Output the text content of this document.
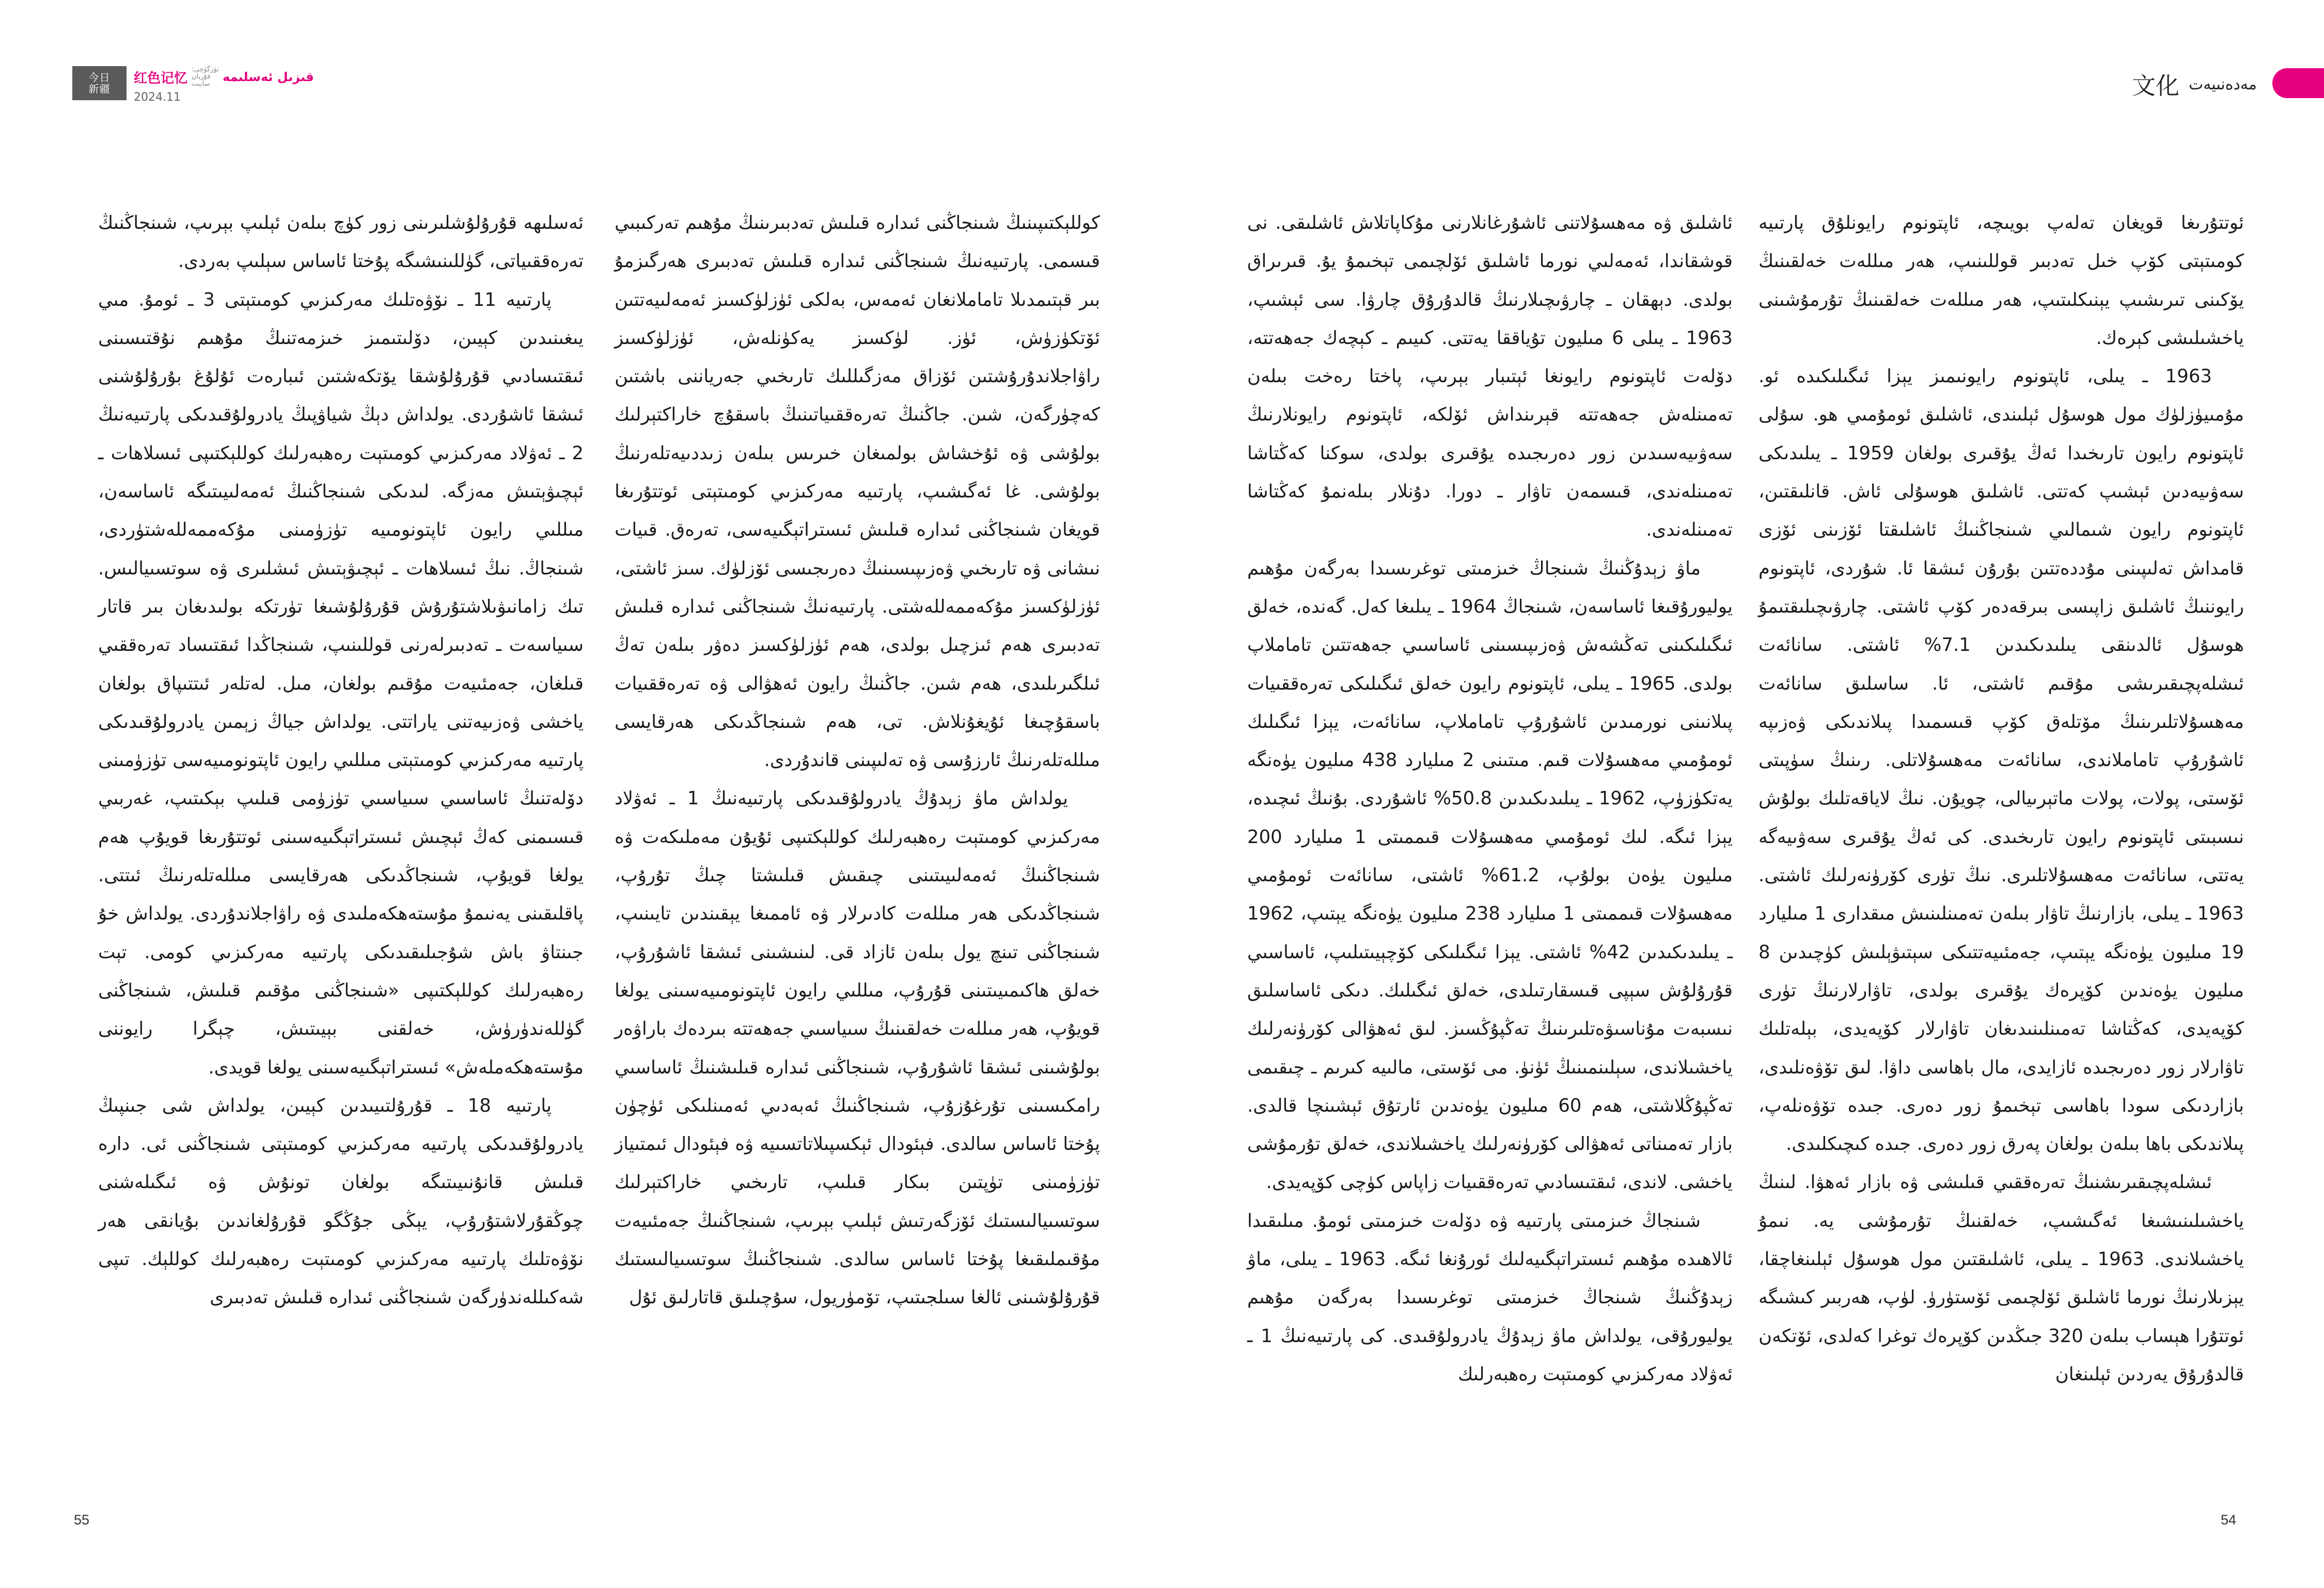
今日
新疆
红色记忆
تۈزگۈچى: قۇربان سايىت	قىزىل ئەسلىمە
2024.11

ئەسلىھە قۇرۇلۇشلىرىنى زور كۈچ بىلەن ئېلىپ بېرىپ، شىنجاڭنىڭ تەرەققىياتى، گۈللىنىشىگە پۇختا ئاساس سېلىپ بەردى.

پارتىيە 11 ـ نۆۋەتلىك مەركىزىي كومىتېتى 3 ـ ئومۇ. مىي يىغىنىدىن كېيىن، دۆلىتىمىز خىزمەتنىڭ مۇھىم نۇقتىسىنى ئىقتىسادىي قۇرۇلۇشقا يۆتكەشتىن ئىبارەت ئۇلۇغ بۇرۇلۇشنى ئىشقا ئاشۇردى. يولداش دېڭ شياۋپىڭ يادرولۇقىدىكى پارتىيەنىڭ 2 ـ ئەۋلاد مەركىزىي كومىتېت رەھبەرلىك كوللېكتىپى ئىسلاھات ـ ئېچىۋېتىش مەزگە. لىدىكى شىنجاڭنىڭ ئەمەلىيىتىگە ئاساسەن، مىللىي رايون ئاپتونومىيە تۈزۈمىنى مۇكەممەللەشتۈردى، شىنجاڭ. نىڭ ئىسلاھات ـ ئېچىۋېتىش ئىشلىرى ۋە سوتسىيالىس. تىك زامانىۋىلاشتۇرۇش قۇرۇلۇشىغا تۈرتكە بولىدىغان بىر قاتار سىياسەت ـ تەدبىرلەرنى قوللىنىپ، شىنجاڭدا ئىقتىساد تەرەققىي قىلغان، جەمئىيەت مۇقىم بولغان، مىل. لەتلەر ئىتتىپاق بولغان ياخشى ۋەزىيەتنى ياراتتى. يولداش جياڭ زېمىن يادرولۇقىدىكى پارتىيە مەركىزىي كومىتېتى مىللىي رايون ئاپتونومىيەسى تۈزۈمىنى دۆلەتنىڭ ئاساسىي سىياسىي تۈزۈمى قىلىپ بېكىتىپ، غەربىي قىسىمنى كەڭ ئېچىش ئىستراتېگىيەسىنى ئوتتۇرىغا قويۇپ ھەم يولغا قويۇپ، شىنجاڭدىكى ھەرقايسى مىللەتلەرنىڭ ئىتتى. پاقلىقىنى يەنىمۇ مۇستەھكەملىدى ۋە راۋاجلاندۇردى. يولداش خۇ جىنتاۋ باش شۇجىلىقىدىكى پارتىيە مەركىزىي كومى. تېت رەھبەرلىك كوللېكتىپى «شىنجاڭنى مۇقىم قىلىش، شىنجاڭنى گۈللەندۈرۈش، خەلقنى بېيىتىش، چېگرا رايوننى مۇستەھكەملەش» ئىستراتېگىيەسىنى يولغا قويدى.

پارتىيە 18 ـ قۇرۇلتىيىدىن كېيىن، يولداش شى جىنپىڭ يادرولۇقىدىكى پارتىيە مەركىزىي كومىتېتى شىنجاڭنى ئى. دارە قىلىش قانۇنىيىتىگە بولغان تونۇش ۋە ئىگىلەشنى چوڭقۇرلاشتۇرۇپ، يېڭى جۇڭگو قۇرۇلغاندىن بۇيانقى ھەر نۆۋەتلىك پارتىيە مەركىزىي كومىتېت رەھبەرلىك كوللېك. تىپى شەكىللەندۈرگەن شىنجاڭنى ئىدارە قىلىش تەدبىرى

كوللېكتىپىنىڭ شىنجاڭنى ئىدارە قىلىش تەدبىرىنىڭ مۇھىم تەركىبىي قىسمى. پارتىيەنىڭ شىنجاڭنى ئىدارە قىلىش تەدبىرى ھەرگىزمۇ بىر قېتىمدىلا تاماملانغان ئەمەس، بەلكى ئۈزلۈكسىز ئەمەلىيەتتىن ئۆتكۈزۈش، ئۈز. لۈكسىز يەكۈنلەش، ئۈزلۈكسىز راۋاجلاندۇرۇشتىن ئۆزاق مەزگىللىك تارىخىي جەرياننى باشتىن كەچۈرگەن، شىن. جاڭنىڭ تەرەققىياتىنىڭ باسقۇچ خاراكتېرلىك بولۇشى ۋە ئۇخشاش بولمىغان خىرىس بىلەن زىددىيەتلەرنىڭ بولۇشى. غا ئەگىشىپ، پارتىيە مەركىزىي كومىتېتى ئوتتۇرىغا قويغان شىنجاڭنى ئىدارە قىلىش ئىستراتېگىيەسى، تەرەق. قىيات نىشانى ۋە تارىخىي ۋەزىپىسىنىڭ دەرىجىسى ئۆزلۈك. سىز ئاشتى، ئۈزلۈكسىز مۇكەممەللەشتى. پارتىيەنىڭ شىنجاڭنى ئىدارە قىلىش تەدبىرى ھەم ئىزچىل بولدى، ھەم ئۈزلۈكسىز دەۋر بىلەن تەڭ ئىلگىرىلىدى، ھەم شىن. جاڭنىڭ رايون ئەھۋالى ۋە تەرەققىيات باسقۇچىغا ئۇيغۇنلاش. تى، ھەم شىنجاڭدىكى ھەرقايسى مىللەتلەرنىڭ ئارزۇسى ۋە تەلىپىنى قاندۇردى.

يولداش ماۋ زېدۇڭ يادرولۇقىدىكى پارتىيەنىڭ 1 ـ ئەۋلاد مەركىزىي كومىتېت رەھبەرلىك كوللېكتىپى ئۇيۇن مەملىكەت ۋە شىنجاڭنىڭ ئەمەلىيىتىنى چىقىش قىلىشتا چىڭ تۇرۇپ، شىنجاڭدىكى ھەر مىللەت كادىرلار ۋە ئاممىغا يېقىندىن تايىنىپ، شىنجاڭنى تىنچ يول بىلەن ئازاد قى. لىنىشىنى ئىشقا ئاشۇرۇپ، خەلق ھاكىمىيىتىنى قۇرۇپ، مىللىي رايون ئاپتونومىيەسىنى يولغا قويۇپ، ھەر مىللەت خەلقىنىڭ سىياسىي جەھەتتە بىردەك باراۋەر بولۇشىنى ئىشقا ئاشۇرۇپ، شىنجاڭنى ئىدارە قىلىشنىڭ ئاساسىي رامكىسىنى تۇرغۇزۇپ، شىنجاڭنىڭ ئەبەدىي ئەمىنلىكى ئۈچۈن پۇختا ئاساس سالدى. فېئودال ئېكسپىلاتاتسىيە ۋە فېئودال ئىمتىياز تۈزۈمىنى تۈپتىن بىكار قىلىپ، تارىخىي خاراكتېرلىك سوتسىيالىستىك ئۆزگەرتىش ئېلىپ بېرىپ، شىنجاڭنىڭ جەمئىيەت مۇقىملىقىغا پۇختا ئاساس سالدى. شىنجاڭنىڭ سوتسىيالىستىك قۇرۇلۇشىنى ئالغا سىلجىتىپ، تۆمۈريول، سۇچىلىق قاتارلىق ئۇل

55
文化 مەدەنىيەت

ئاشلىق ۋە مەھسۇلاتنى ئاشۇرغانلارنى مۇكاپاتلاش ئاشلىقى. نى قوشقاندا، ئەمەلىي نورما ئاشلىق ئۆلچىمى تېخىمۇ يۇ. قىرىراق بولدى. دېھقان ـ چارۋىچىلارنىڭ قالدۇرۇق چارۋا. سى ئېشىپ، 1963 ـ يىلى 6 مىليون تۇياققا يەتتى. كىيىم ـ كېچەك جەھەتتە، دۆلەت ئاپتونوم رايونغا ئېتىبار بېرىپ، پاختا رەخت بىلەن تەمىنلەش جەھەتتە قېرىنداش ئۆلكە، ئاپتونوم رايونلارنىڭ سەۋىيەسىدىن زور دەرىجىدە يۇقىرى بولدى، سوكنا كەڭتاشا تەمىنلەندى، قىسمەن تاۋار ـ دورا. دۇنلار بىلەنمۇ كەڭتاشا تەمىنلەندى.

ماۋ زېدۇڭنىڭ شىنجاڭ خىزمىتى توغرىسىدا بەرگەن مۇھىم يوليورۇقىغا ئاساسەن، شىنجاڭ 1964 ـ يىلىغا كەل. گەندە، خەلق ئىگىلىكىنى تەڭشەش ۋەزىپىسىنى ئاساسىي جەھەتتىن تاماملاپ بولدى. 1965 ـ يىلى، ئاپتونوم رايون خەلق ئىگىلىكى تەرەققىيات پىلانىنى نورمىدىن ئاشۇرۇپ تاماملاپ، سانائەت، يېزا ئىگىلىك ئومۇمىي مەھسۇلات قىم. مىتىنى 2 مىليارد 438 مىليون يۈەنگە يەتكۈزۈپ، 1962 ـ يىلىدىكىدىن 50.8% ئاشۇردى. بۇنىڭ ئىچىدە، يېزا ئىگە. لىك ئومۇمىي مەھسۇلات قىممىتى 1 مىليارد 200 مىليون يۈەن بولۇپ، 61.2% ئاشتى، سانائەت ئومۇمىي مەھسۇلات قىممىتى 1 مىليارد 238 مىليون يۈەنگە يېتىپ، 1962 ـ يىلىدىكىدىن 42% ئاشتى. يېزا ئىگىلىكى كۆچېيىتىلىپ، ئاساسىي قۇرۇلۇش سېپى قىسقارتىلدى، خەلق ئىگىلىك. دىكى ئاساسلىق نىسبەت مۇناسىۋەتلىرىنىڭ تەڭپۇڭسىز. لىق ئەھۋالى كۆرۈنەرلىك ياخشىلاندى، سېلىنمىنىڭ ئۈنۈ. مى ئۆستى، مالىيە كىرىم ـ چىقىمى تەڭپۇڭلاشتى، ھەم 60 مىليون يۈەندىن ئارتۇق ئېشىنچا قالدى. بازار تەمىناتى ئەھۋالى كۆرۈنەرلىك ياخشىلاندى، خەلق تۇرمۇشى ياخشى. لاندى، ئىقتىسادىي تەرەققىيات زاپاس كۈچى كۆپەيدى.

شىنجاڭ خىزمىتى پارتىيە ۋە دۆلەت خىزمىتى ئومۇ. مىلىقىدا ئالاھىدە مۇھىم ئىستراتېگىيەلىك ئورۇنغا ئىگە. 1963 ـ يىلى، ماۋ زېدۇڭنىڭ شىنجاڭ خىزمىتى توغرىسىدا بەرگەن مۇھىم يوليورۇقى، يولداش ماۋ زېدۇڭ يادرولۇقىدى. كى پارتىيەنىڭ 1 ـ ئەۋلاد مەركىزىي كومىتېت رەھبەرلىك

ئوتتۇرىغا قويغان تەلەپ بويىچە، ئاپتونوم رايونلۇق پارتىيە كومىتېتى كۆپ خىل تەدبىر قوللىنىپ، ھەر مىللەت خەلقىنىڭ يۆكىنى تىرىشىپ يېنىكلىتىپ، ھەر مىللەت خەلقىنىڭ تۇرمۇشىنى ياخشىلىشى كېرەك.

1963 ـ يىلى، ئاپتونوم رايونىمىز يېزا ئىگىلىكىدە ئو. مۇمىيۈزلۈك مول ھوسۇل ئېلىندى، ئاشلىق ئومۇمىي ھو. سۇلى ئاپتونوم رايون تارىخىدا ئەڭ يۇقىرى بولغان 1959 ـ يىلىدىكى سەۋىيەدىن ئېشىپ كەتتى. ئاشلىق ھوسۇلى ئاش. قانلىقتىن، ئاپتونوم رايون شىمالىي شىنجاڭنىڭ ئاشلىقتا ئۆزىنى ئۆزى قامداش تەلىپىنى مۇددەتتىن بۇرۇن ئىشقا ئا. شۇردى، ئاپتونوم رايوننىڭ ئاشلىق زاپىسى بىرقەدەر كۆپ ئاشتى. چارۋىچىلىقتىمۇ ھوسۇل ئالدىنقى يىلىدىكىدىن 7.1% ئاشتى. سانائەت ئىشلەپچىقىرىشى مۇقىم ئاشتى، ئا. ساسلىق سانائەت مەھسۇلاتلىرىنىڭ مۆتلەق كۆپ قىسمىدا پىلاندىكى ۋەزىپە ئاشۇرۇپ تاماملاندى، سانائەت مەھسۇلاتلى. رىنىڭ سۈپىتى ئۆستى، پولات، پولات ماتېرىيالى، چويۇن. نىڭ لاياقەتلىك بولۇش نىسبىتى ئاپتونوم رايون تارىخىدى. كى ئەڭ يۇقىرى سەۋىيەگە يەتتى، سانائەت مەھسۇلاتلىرى. نىڭ تۈرى كۆرۈنەرلىك ئاشتى. 1963 ـ يىلى، بازارنىڭ تاۋار بىلەن تەمىنلىنىش مىقدارى 1 مىليارد 19 مىليون يۈەنگە يېتىپ، جەمئىيەتتىكى سېتىۋېلىش كۈچىدىن 8 مىليون يۈەندىن كۆپرەك يۇقىرى بولدى، تاۋارلارنىڭ تۈرى كۆپەيدى، كەڭتاشا تەمىنلىنىدىغان تاۋارلار كۆپەيدى، بېلەتلىك تاۋارلار زور دەرىجىدە ئازايدى، مال باھاسى داۋا. لىق تۆۋەنلىدى، بازاردىكى سودا باھاسى تېخىمۇ زور دەرى. جىدە تۆۋەنلەپ، پىلاندىكى باھا بىلەن بولغان پەرق زور دەرى. جىدە كىچىكلىدى.

ئىشلەپچىقىرىشنىڭ تەرەققىي قىلىشى ۋە بازار ئەھۋا. لىنىڭ ياخشىلىنىشىغا ئەگىشىپ، خەلقنىڭ تۇرمۇشى يە. نىمۇ ياخشىلاندى. 1963 ـ يىلى، ئاشلىقتىن مول ھوسۇل ئېلىنغاچقا، يېزىلارنىڭ نورما ئاشلىق ئۆلچىمى ئۆستۈرۈ. لۈپ، ھەربىر كىشىگە ئوتتۇرا ھېساب بىلەن 320 جىڭدىن كۆپرەك توغرا كەلدى، ئۆتكەن قالدۇرۇق يەردىن ئېلىنغان

54
